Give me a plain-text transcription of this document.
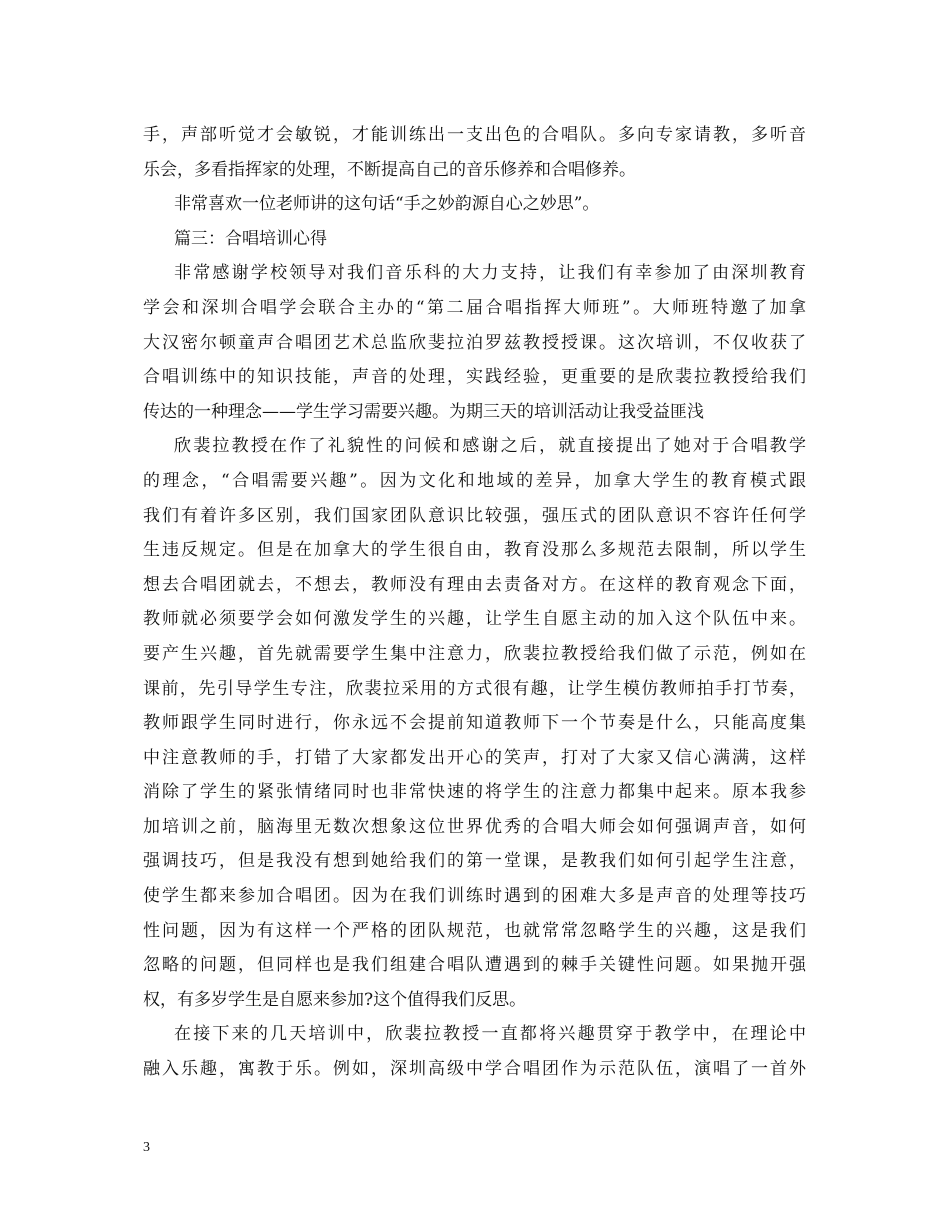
手，声部听觉才会敏锐，才能训练出一支出色的合唱队。多向专家请教，多听音
乐会，多看指挥家的处理，不断提高自己的音乐修养和合唱修养。
非常喜欢一位老师讲的这句话“手之妙韵源自心之妙思”。
篇三：合唱培训心得
非常感谢学校领导对我们音乐科的大力支持，让我们有幸参加了由深圳教育
学会和深圳合唱学会联合主办的“第二届合唱指挥大师班”。大师班特邀了加拿
大汉密尔顿童声合唱团艺术总监欣斐拉泊罗兹教授授课。这次培训，不仅收获了
合唱训练中的知识技能，声音的处理，实践经验，更重要的是欣裴拉教授给我们
传达的一种理念——学生学习需要兴趣。为期三天的培训活动让我受益匪浅
欣裴拉教授在作了礼貌性的问候和感谢之后，就直接提出了她对于合唱教学
的理念，“合唱需要兴趣”。因为文化和地域的差异，加拿大学生的教育模式跟
我们有着许多区别，我们国家团队意识比较强，强压式的团队意识不容许任何学
生违反规定。但是在加拿大的学生很自由，教育没那么多规范去限制，所以学生
想去合唱团就去，不想去，教师没有理由去责备对方。在这样的教育观念下面，
教师就必须要学会如何激发学生的兴趣，让学生自愿主动的加入这个队伍中来。
要产生兴趣，首先就需要学生集中注意力，欣裴拉教授给我们做了示范，例如在
课前，先引导学生专注，欣裴拉采用的方式很有趣，让学生模仿教师拍手打节奏，
教师跟学生同时进行，你永远不会提前知道教师下一个节奏是什么，只能高度集
中注意教师的手，打错了大家都发出开心的笑声，打对了大家又信心满满，这样
消除了学生的紧张情绪同时也非常快速的将学生的注意力都集中起来。原本我参
加培训之前，脑海里无数次想象这位世界优秀的合唱大师会如何强调声音，如何
强调技巧，但是我没有想到她给我们的第一堂课，是教我们如何引起学生注意，
使学生都来参加合唱团。因为在我们训练时遇到的困难大多是声音的处理等技巧
性问题，因为有这样一个严格的团队规范，也就常常忽略学生的兴趣，这是我们
忽略的问题，但同样也是我们组建合唱队遭遇到的棘手关键性问题。如果抛开强
权，有多岁学生是自愿来参加?这个值得我们反思。
在接下来的几天培训中，欣裴拉教授一直都将兴趣贯穿于教学中，在理论中
融入乐趣，寓教于乐。例如，深圳高级中学合唱团作为示范队伍，演唱了一首外
3
